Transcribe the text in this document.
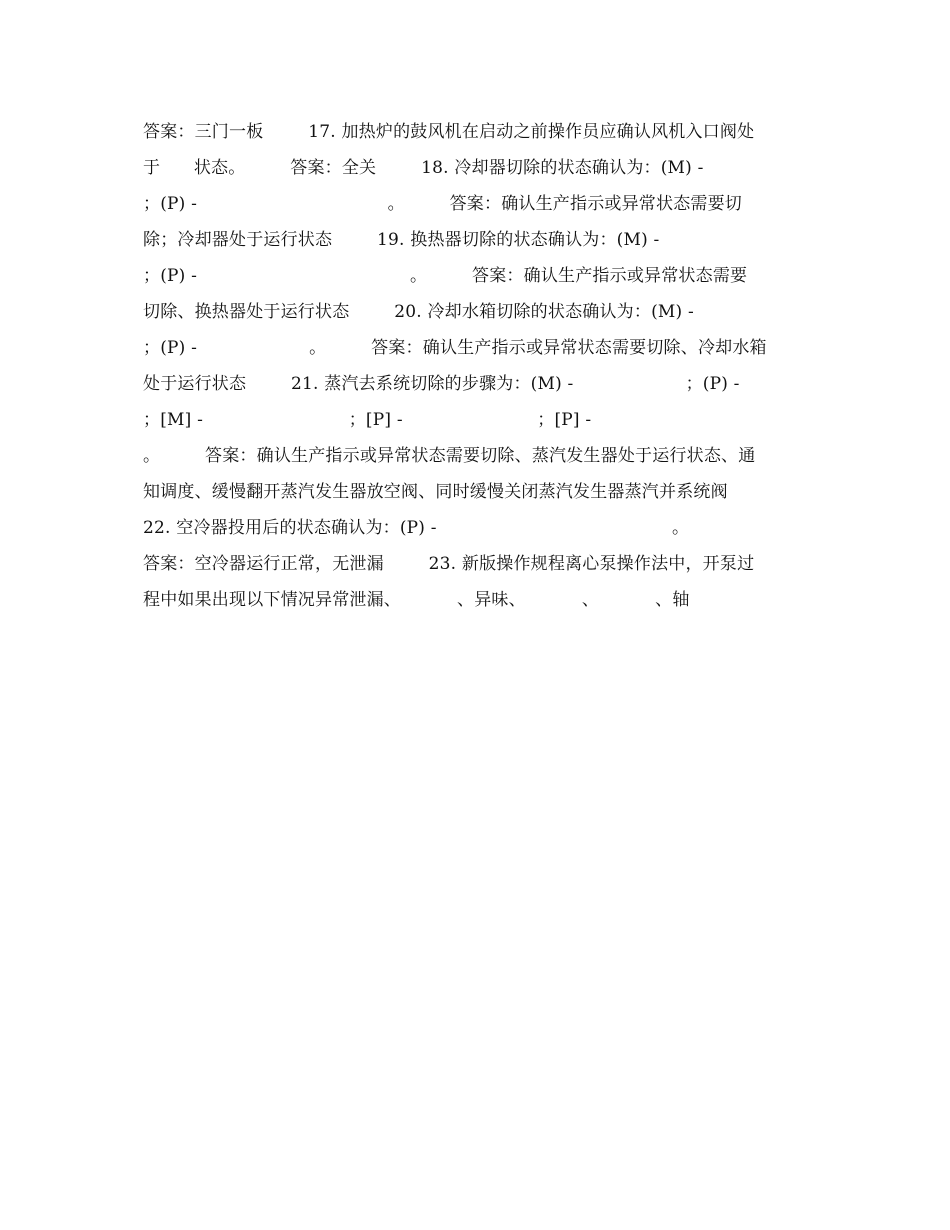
答案：三门一板        17. 加热炉的鼓风机在启动之前操作员应确认风机入口阀处
于      状态。        答案：全关        18. 冷却器切除的状态确认为：(M) -
；(P) -                                  。        答案：确认生产指示或异常状态需要切
除；冷却器处于运行状态        19. 换热器切除的状态确认为：(M) -
；(P) -                                      。        答案：确认生产指示或异常状态需要
切除、换热器处于运行状态        20. 冷却水箱切除的状态确认为：(M) -
；(P) -                    。        答案：确认生产指示或异常状态需要切除、冷却水箱
处于运行状态        21. 蒸汽去系统切除的步骤为：(M) -                    ；(P) -
；[M] -                          ；[P] -                        ；[P] -
。        答案：确认生产指示或异常状态需要切除、蒸汽发生器处于运行状态、通
知调度、缓慢翻开蒸汽发生器放空阀、同时缓慢关闭蒸汽发生器蒸汽并系统阀
22. 空冷器投用后的状态确认为：(P) -                                          。
答案：空冷器运行正常，无泄漏        23. 新版操作规程离心泵操作法中，开泵过
程中如果出现以下情况异常泄漏、          、异味、          、          、轴
